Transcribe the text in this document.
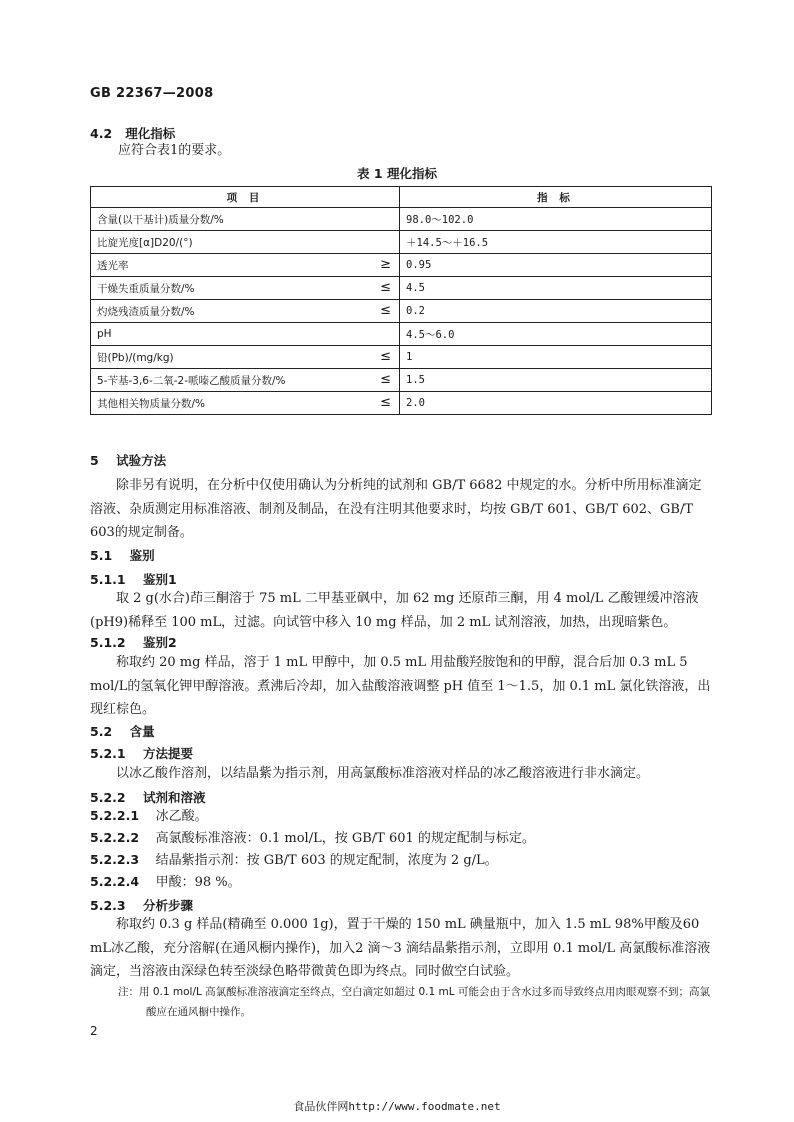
GB 22367—2008
4.2 理化指标
应符合表1的要求。
表 1 理化指标
项 目	指 标
含量(以干基计)质量分数/%	98.0～102.0
比旋光度[α]D20/(°)	＋14.5～＋16.5
透光率 ≥	0.95
干燥失重质量分数/% ≤	4.5
灼烧残渣质量分数/% ≤	0.2
pH	4.5～6.0
铅(Pb)/(mg/kg) ≤	1
5-苄基-3,6-二氧-2-哌嗪乙酸质量分数/% ≤	1.5
其他相关物质量分数/% ≤	2.0
5 试验方法
除非另有说明，在分析中仅使用确认为分析纯的试剂和 GB/T 6682 中规定的水。分析中所用标准滴定溶液、杂质测定用标准溶液、制剂及制品，在没有注明其他要求时，均按 GB/T 601、GB/T 602、GB/T 603的规定制备。
5.1 鉴别
5.1.1 鉴别1
取 2 g(水合)茚三酮溶于 75 mL 二甲基亚砜中，加 62 mg 还原茚三酮，用 4 mol/L 乙酸锂缓冲溶液(pH9)稀释至 100 mL，过滤。向试管中移入 10 mg 样品，加 2 mL 试剂溶液，加热，出现暗紫色。
5.1.2 鉴别2
称取约 20 mg 样品，溶于 1 mL 甲醇中，加 0.5 mL 用盐酸羟胺饱和的甲醇，混合后加 0.3 mL 5 mol/L的氢氧化钾甲醇溶液。煮沸后冷却，加入盐酸溶液调整 pH 值至 1～1.5，加 0.1 mL 氯化铁溶液，出现红棕色。
5.2 含量
5.2.1 方法提要
以冰乙酸作溶剂，以结晶紫为指示剂，用高氯酸标准溶液对样品的冰乙酸溶液进行非水滴定。
5.2.2 试剂和溶液
5.2.2.1 冰乙酸。
5.2.2.2 高氯酸标准溶液：0.1 mol/L，按 GB/T 601 的规定配制与标定。
5.2.2.3 结晶紫指示剂：按 GB/T 603 的规定配制，浓度为 2 g/L。
5.2.2.4 甲酸：98 %。
5.2.3 分析步骤
称取约 0.3 g 样品(精确至 0.000 1g)，置于干燥的 150 mL 碘量瓶中，加入 1.5 mL 98%甲酸及60 mL冰乙酸，充分溶解(在通风橱内操作)，加入2 滴～3 滴结晶紫指示剂，立即用 0.1 mol/L 高氯酸标准溶液滴定，当溶液由深绿色转至淡绿色略带微黄色即为终点。同时做空白试验。
注：用 0.1 mol/L 高氯酸标准溶液滴定至终点，空白滴定如超过 0.1 mL 可能会由于含水过多而导致终点用肉眼观察不到；高氯酸应在通风橱中操作。
2
食品伙伴网http://www.foodmate.net
